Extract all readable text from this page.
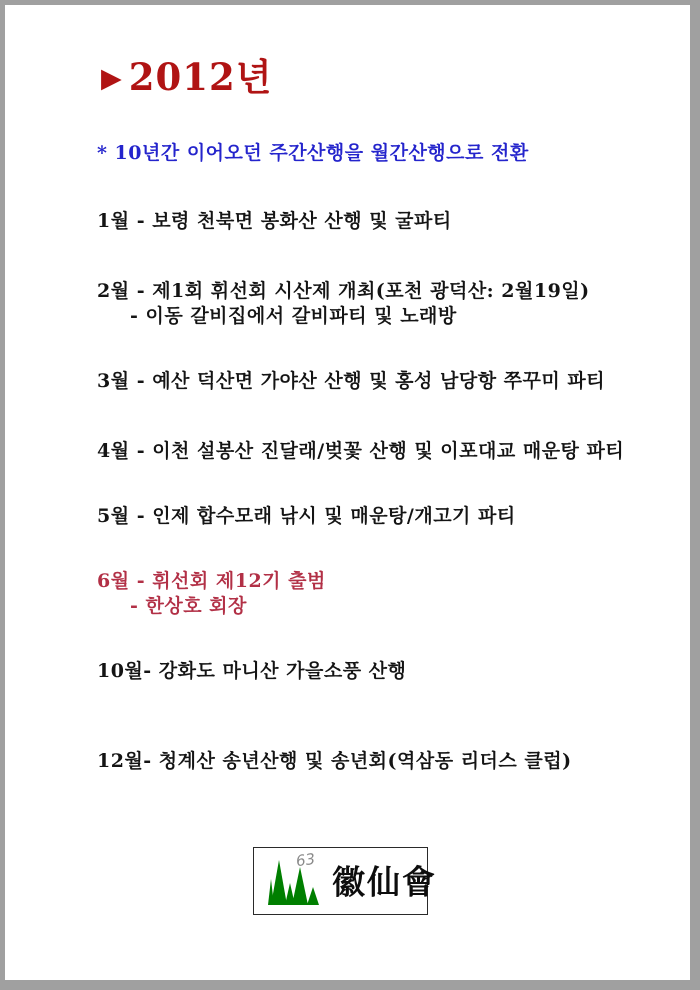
▶ 2012년
* 10년간 이어오던 주간산행을 월간산행으로 전환
1월 - 보령 천북면 봉화산 산행 및 굴파티
2월 - 제1회 휘선회 시산제 개최(포천 광덕산: 2월19일)
- 이동 갈비집에서 갈비파티 및 노래방
3월 - 예산 덕산면 가야산 산행 및 홍성 남당항 쭈꾸미 파티
4월 - 이천 설봉산 진달래/벚꽃 산행 및 이포대교 매운탕 파티
5월 - 인제 합수모래 낚시 및 매운탕/개고기 파티
6월 - 휘선회 제12기 출범
- 한상호 회장
10월- 강화도 마니산 가을소풍 산행
12월- 청계산 송년산행 및 송년회(역삼동 리더스 클럽)
63
徽仙會
